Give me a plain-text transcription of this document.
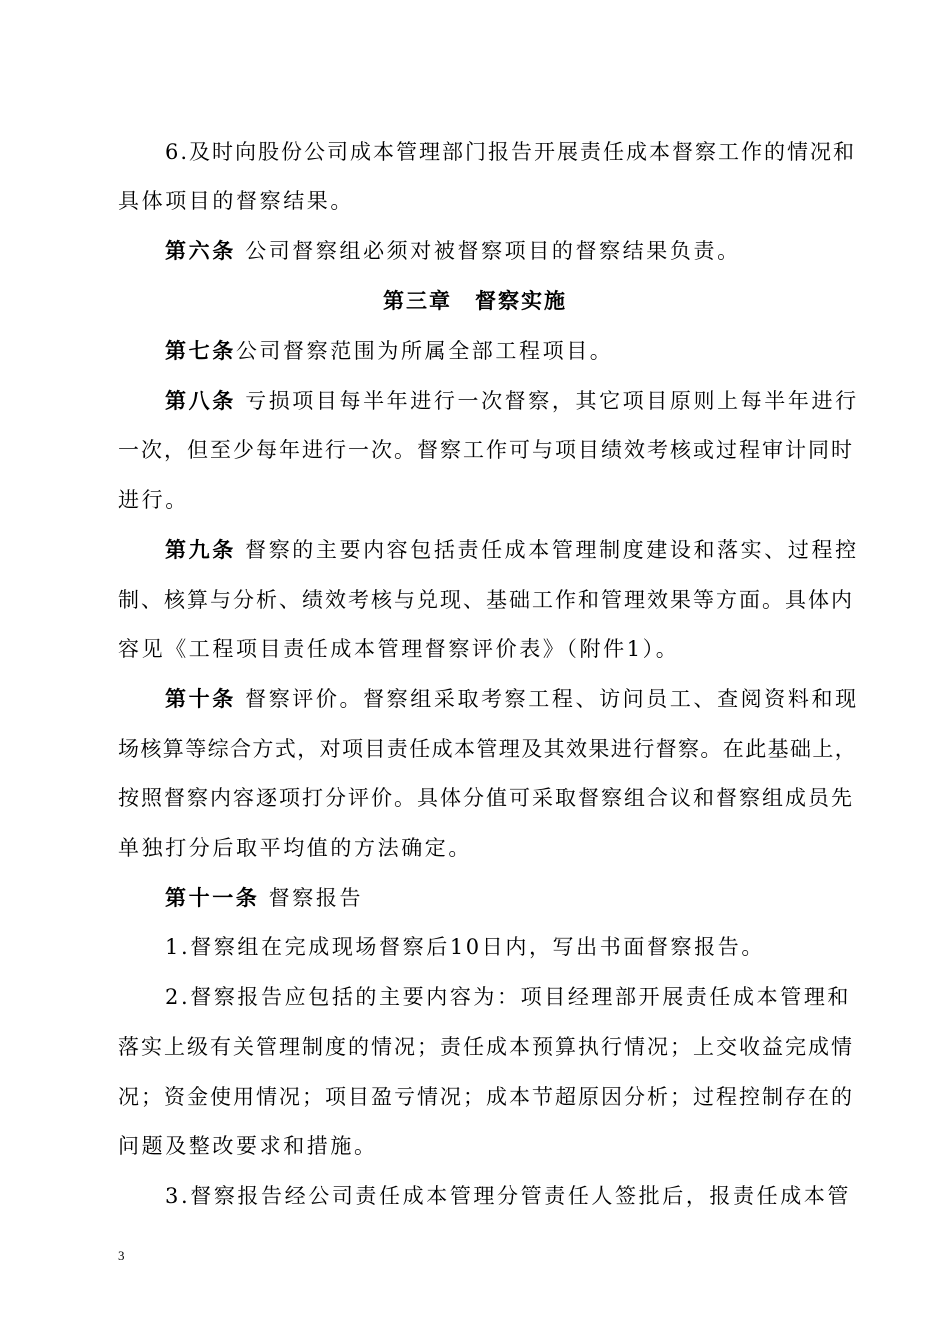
6.及时向股份公司成本管理部门报告开展责任成本督察工作的情况和
具体项目的督察结果。
第六条 公司督察组必须对被督察项目的督察结果负责。
第三章　督察实施
第七条公司督察范围为所属全部工程项目。
第八条 亏损项目每半年进行一次督察，其它项目原则上每半年进行
一次，但至少每年进行一次。督察工作可与项目绩效考核或过程审计同时
进行。
第九条 督察的主要内容包括责任成本管理制度建设和落实、过程控
制、核算与分析、绩效考核与兑现、基础工作和管理效果等方面。具体内
容见《工程项目责任成本管理督察评价表》（附件1）。
第十条 督察评价。督察组采取考察工程、访问员工、查阅资料和现
场核算等综合方式，对项目责任成本管理及其效果进行督察。在此基础上，
按照督察内容逐项打分评价。具体分值可采取督察组合议和督察组成员先
单独打分后取平均值的方法确定。
第十一条 督察报告
1.督察组在完成现场督察后10日内，写出书面督察报告。
2.督察报告应包括的主要内容为：项目经理部开展责任成本管理和
落实上级有关管理制度的情况；责任成本预算执行情况；上交收益完成情
况；资金使用情况；项目盈亏情况；成本节超原因分析；过程控制存在的
问题及整改要求和措施。
3.督察报告经公司责任成本管理分管责任人签批后，报责任成本管
3
